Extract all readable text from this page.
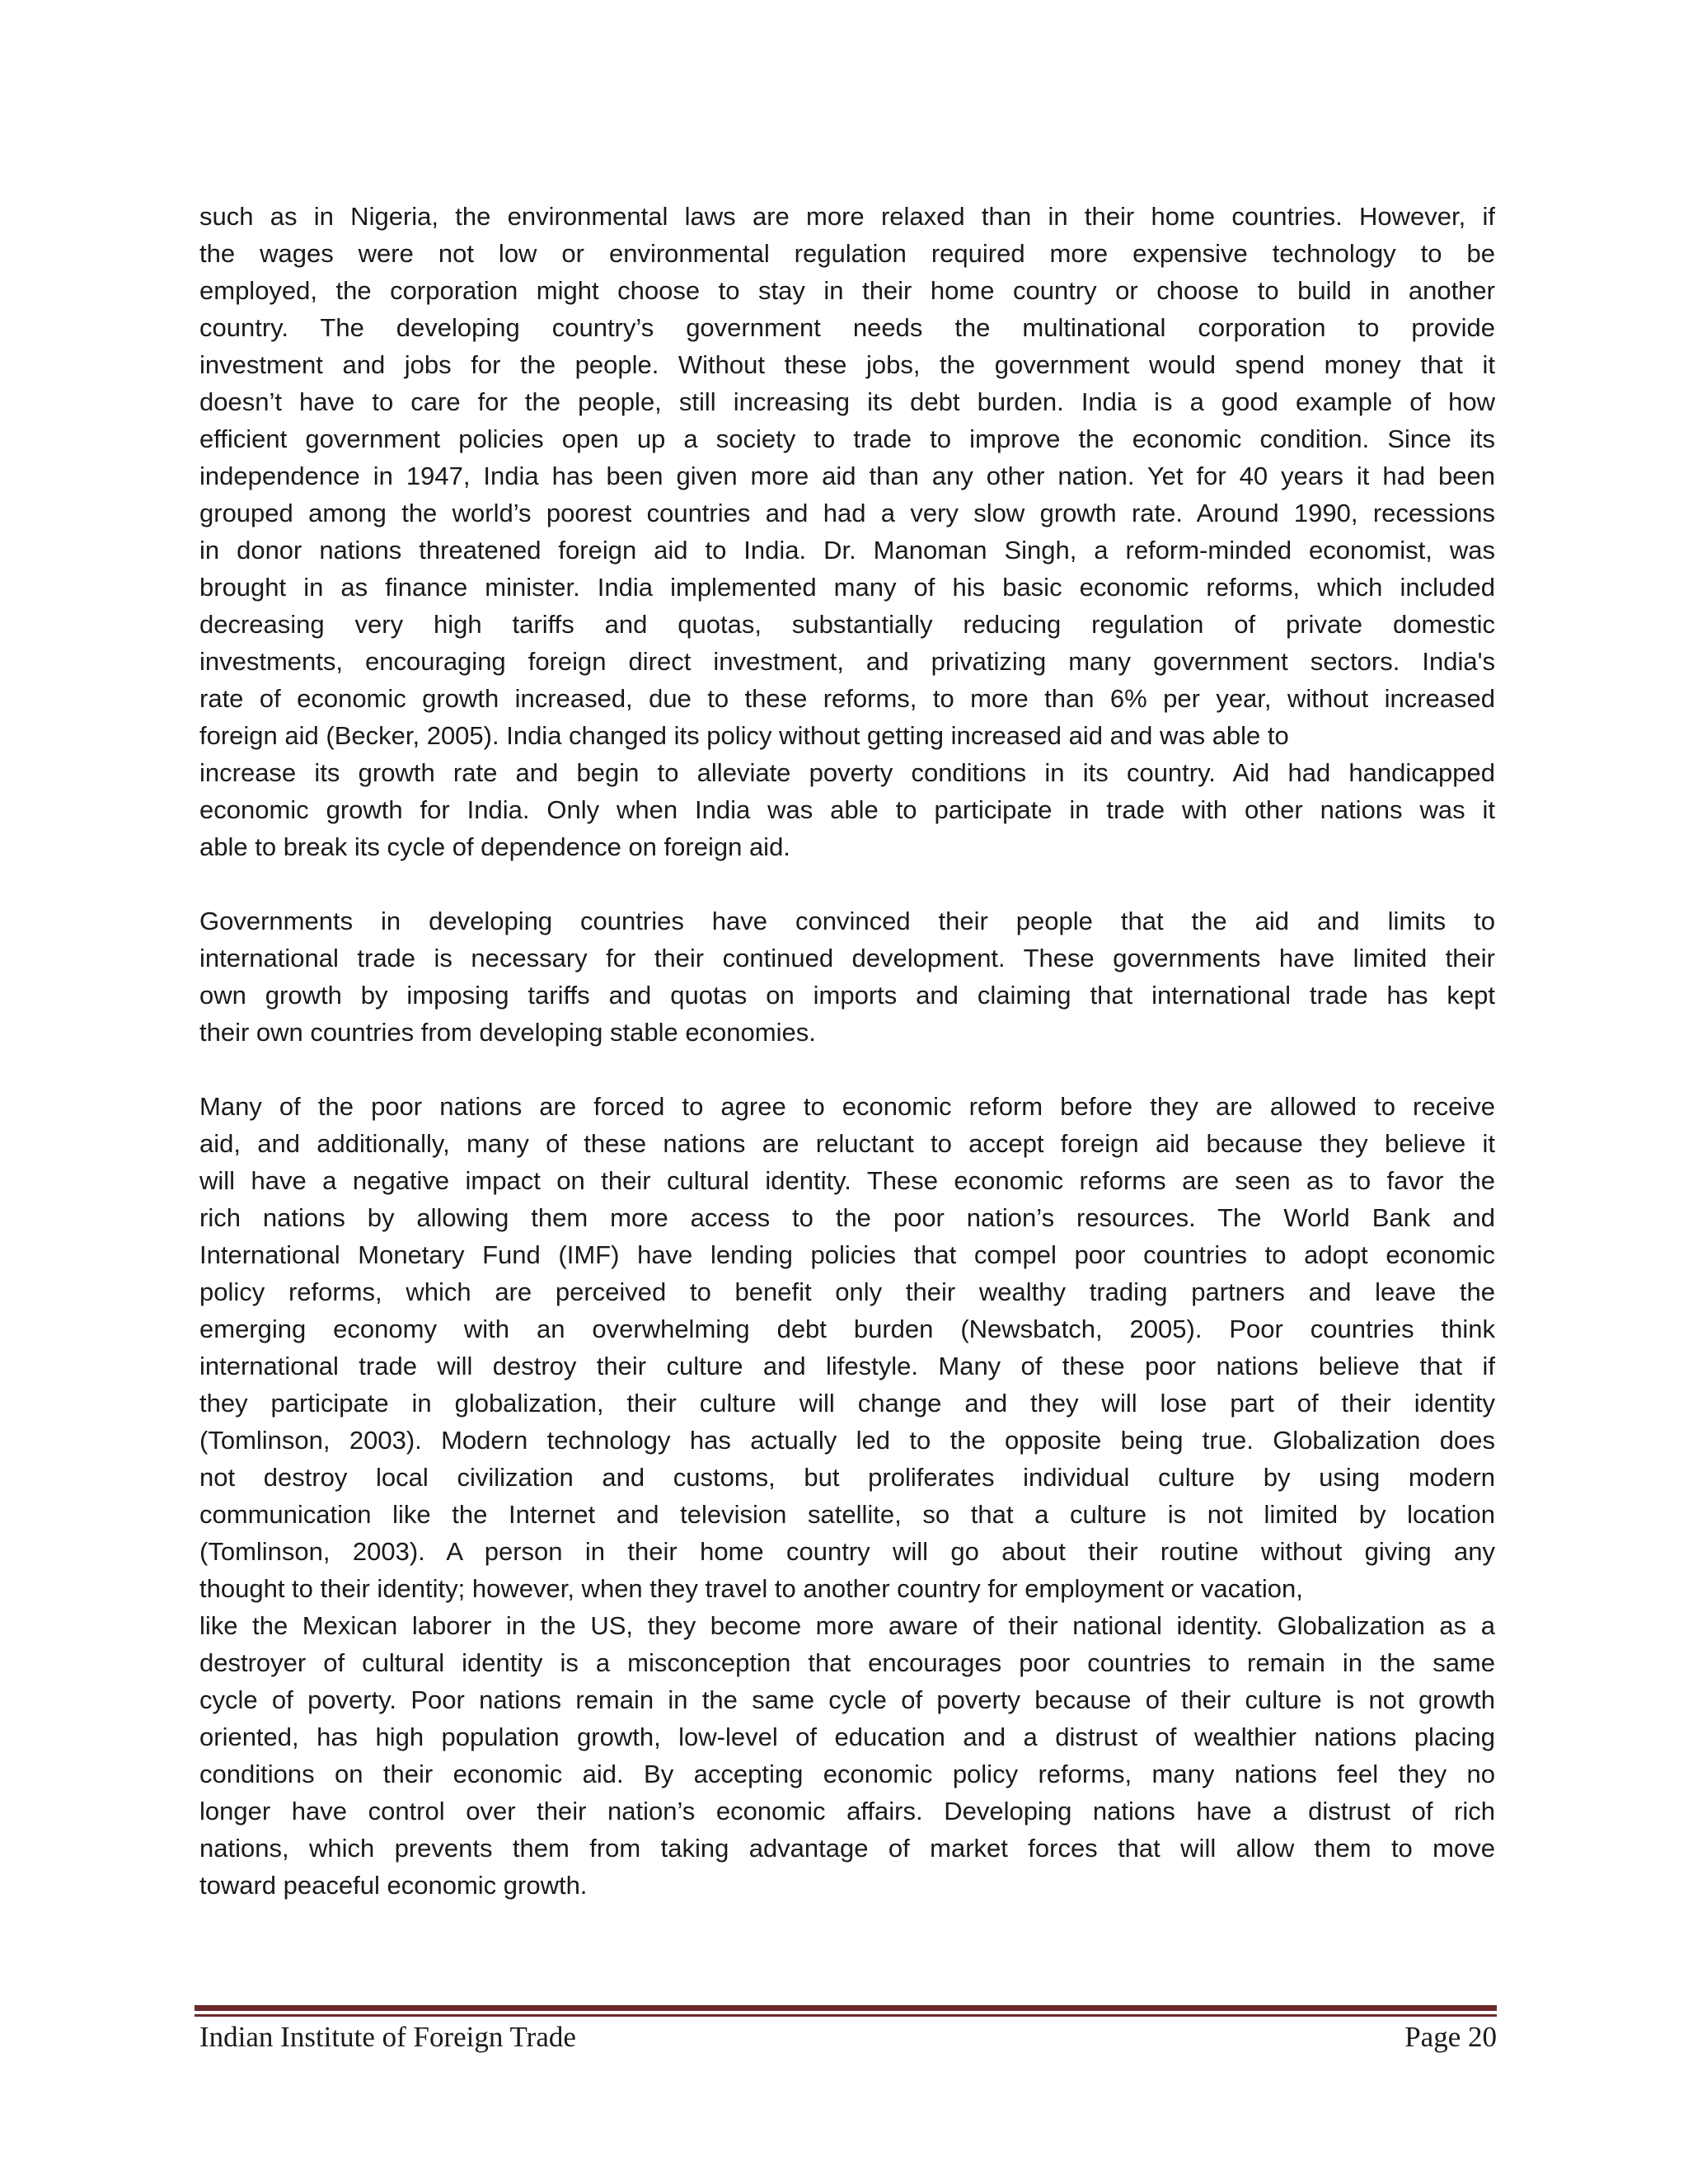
such as in Nigeria, the environmental laws are more relaxed than in their home countries. However, if
the wages were not low or environmental regulation required more expensive technology to be
employed, the corporation might choose to stay in their home country or choose to build in another
country. The developing country’s government needs the multinational corporation to provide
investment and jobs for the people. Without these jobs, the government would spend money that it
doesn’t have to care for the people, still increasing its debt burden. India is a good example of how
efficient government policies open up a society to trade to improve the economic condition. Since its
independence in 1947, India has been given more aid than any other nation. Yet for 40 years it had been
grouped among the world’s poorest countries and had a very slow growth rate. Around 1990, recessions
in donor nations threatened foreign aid to India. Dr. Manoman Singh, a reform-minded economist, was
brought in as finance minister. India implemented many of his basic economic reforms, which included
decreasing very high tariffs and quotas, substantially reducing regulation of private domestic
investments, encouraging foreign direct investment, and privatizing many government sectors. India's
rate of economic growth increased, due to these reforms, to more than 6% per year, without increased
foreign aid (Becker, 2005). India changed its policy without getting increased aid and was able to
increase its growth rate and begin to alleviate poverty conditions in its country. Aid had handicapped
economic growth for India. Only when India was able to participate in trade with other nations was it
able to break its cycle of dependence on foreign aid.
Governments in developing countries have convinced their people that the aid and limits to
international trade is necessary for their continued development. These governments have limited their
own growth by imposing tariffs and quotas on imports and claiming that international trade has kept
their own countries from developing stable economies.
Many of the poor nations are forced to agree to economic reform before they are allowed to receive
aid, and additionally, many of these nations are reluctant to accept foreign aid because they believe it
will have a negative impact on their cultural identity. These economic reforms are seen as to favor the
rich nations by allowing them more access to the poor nation’s resources. The World Bank and
International Monetary Fund (IMF) have lending policies that compel poor countries to adopt economic
policy reforms, which are perceived to benefit only their wealthy trading partners and leave the
emerging economy with an overwhelming debt burden (Newsbatch, 2005). Poor countries think
international trade will destroy their culture and lifestyle. Many of these poor nations believe that if
they participate in globalization, their culture will change and they will lose part of their identity
(Tomlinson, 2003). Modern technology has actually led to the opposite being true. Globalization does
not destroy local civilization and customs, but proliferates individual culture by using modern
communication like the Internet and television satellite, so that a culture is not limited by location
(Tomlinson, 2003). A person in their home country will go about their routine without giving any
thought to their identity; however, when they travel to another country for employment or vacation,
like the Mexican laborer in the US, they become more aware of their national identity. Globalization as a
destroyer of cultural identity is a misconception that encourages poor countries to remain in the same
cycle of poverty. Poor nations remain in the same cycle of poverty because of their culture is not growth
oriented, has high population growth, low-level of education and a distrust of wealthier nations placing
conditions on their economic aid. By accepting economic policy reforms, many nations feel they no
longer have control over their nation’s economic affairs. Developing nations have a distrust of rich
nations, which prevents them from taking advantage of market forces that will allow them to move
toward peaceful economic growth.
Indian Institute of Foreign Trade	Page 20
